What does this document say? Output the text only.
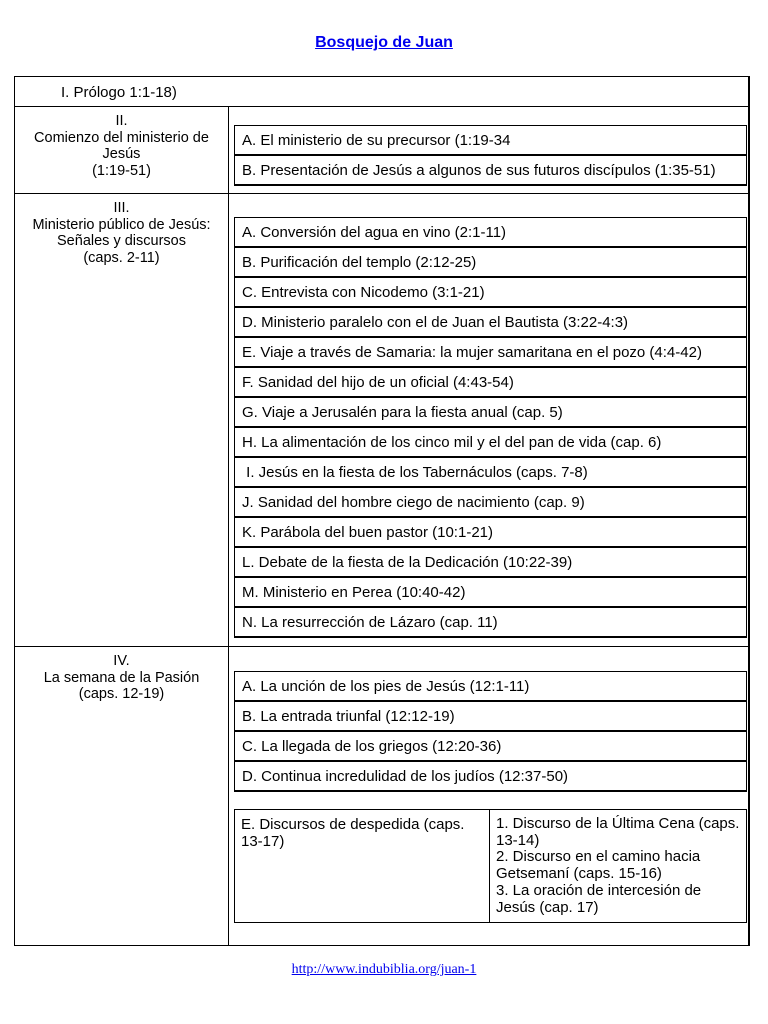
Bosquejo de Juan
I. Prólogo 1:1-18)
II.
Comienzo del ministerio de Jesús
(1:19-51)
A. El ministerio de su precursor (1:19-34
B. Presentación de Jesús a algunos de sus futuros discípulos (1:35-51)
III.
Ministerio público de Jesús: Señales y discursos
(caps. 2-11)
A. Conversión del agua en vino (2:1-11)
B. Purificación del templo (2:12-25)
C. Entrevista con Nicodemo (3:1-21)
D. Ministerio paralelo con el de Juan el Bautista (3:22-4:3)
E. Viaje a través de Samaria: la mujer samaritana en el pozo (4:4-42)
F. Sanidad del hijo de un oficial (4:43-54)
G. Viaje a Jerusalén para la fiesta anual (cap. 5)
H. La alimentación de los cinco mil y el del pan de vida (cap. 6)
I. Jesús en la fiesta de los Tabernáculos (caps. 7-8)
J. Sanidad del hombre ciego de nacimiento (cap. 9)
K. Parábola del buen pastor (10:1-21)
L. Debate de la fiesta de la Dedicación (10:22-39)
M. Ministerio en Perea (10:40-42)
N. La resurrección de Lázaro (cap. 11)
IV.
La semana de la Pasión
(caps. 12-19)	A. La unción de los pies de Jesús (12:1-11)
B. La entrada triunfal (12:12-19)
C. La llegada de los griegos (12:20-36)
D. Continua incredulidad de los judíos (12:37-50)
E. Discursos de despedida (caps. 13-17)
1. Discurso de la Última Cena (caps. 13-14)
2. Discurso en el camino hacia Getsemaní (caps. 15-16)
3. La oración de intercesión de Jesús (cap. 17)
http://www.indubiblia.org/juan-1
